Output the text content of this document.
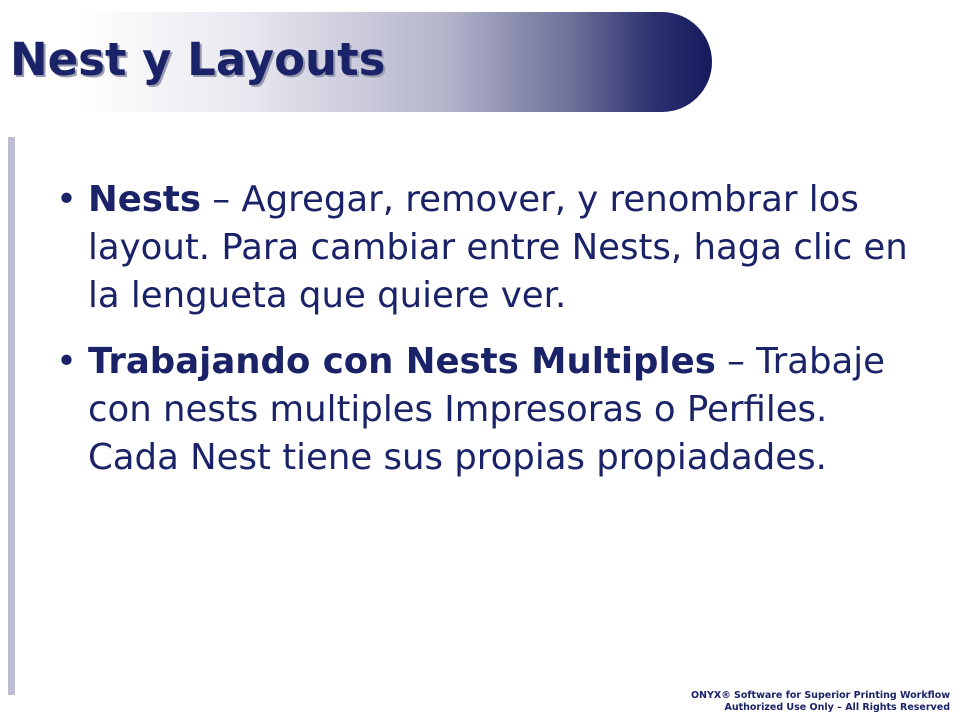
Nest y Layouts
• Nests – Agregar, remover, y renombrar los layout. Para cambiar entre Nests, haga clic en la lengueta que quiere ver.
• Trabajando con Nests Multiples – Trabaje con nests multiples Impresoras o Perfiles. Cada Nest tiene sus propias propiadades.
ONYX® Software for Superior Printing Workflow
Authorized Use Only – All Rights Reserved
